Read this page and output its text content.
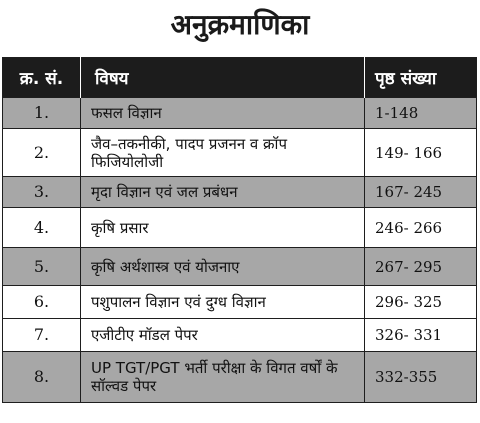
अनुक्रमाणिका
क्र. सं.	विषय	पृष्ठ संख्या
1.	फसल विज्ञान	1-148
2.	जैव–तकनीकी, पादप प्रजनन व क्रॉप फिजियोलोजी	149- 166
3.	मृदा विज्ञान एवं जल प्रबंधन	167- 245
4.	कृषि प्रसार	246- 266
5.	कृषि अर्थशास्त्र एवं योजनाए	267- 295
6.	पशुपालन विज्ञान एवं दुग्ध विज्ञान	296- 325
7.	एजीटीए मॉडल पेपर	326- 331
8.	UP TGT/PGT भर्ती परीक्षा के विगत वर्षों के सॉल्वड पेपर	332-355
